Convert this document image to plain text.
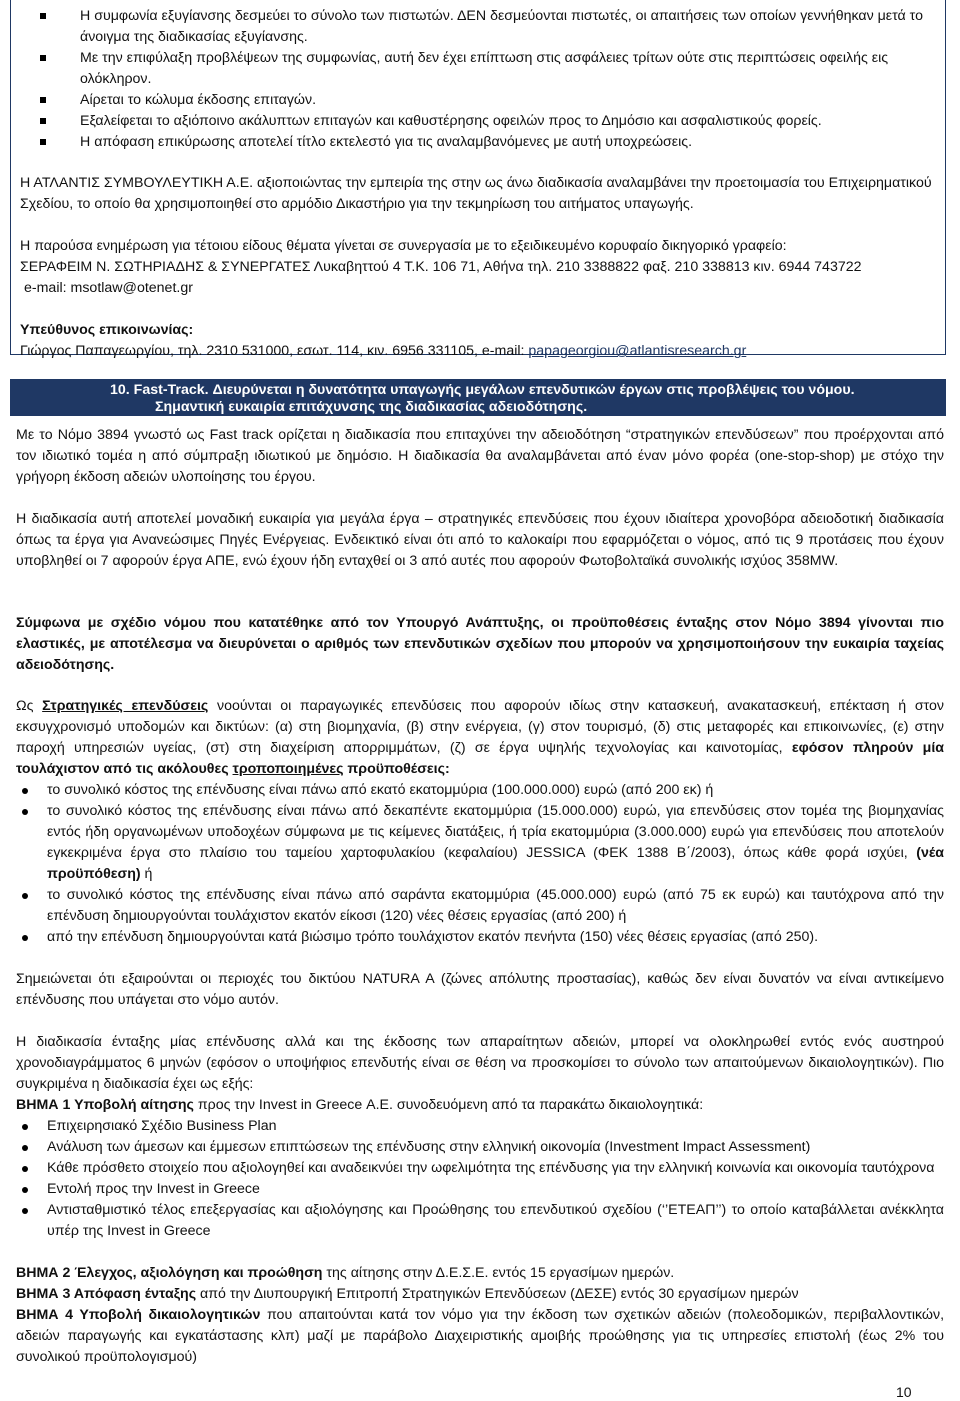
Η συμφωνία εξυγίανσης δεσμεύει το σύνολο των πιστωτών. ΔΕΝ δεσμεύονται πιστωτές, οι απαιτήσεις των οποίων γεννήθηκαν μετά το άνοιγμα της διαδικασίας εξυγίανσης.
Με την επιφύλαξη προβλέψεων της συμφωνίας, αυτή δεν έχει επίπτωση στις ασφάλειες τρίτων ούτε στις περιπτώσεις οφειλής εις ολόκληρον.
Αίρεται το κώλυμα έκδοσης επιταγών.
Εξαλείφεται το αξιόποινο ακάλυπτων επιταγών και καθυστέρησης οφειλών προς το Δημόσιο και ασφαλιστικούς φορείς.
Η απόφαση επικύρωσης αποτελεί τίτλο εκτελεστό για τις αναλαμβανόμενες με αυτή υποχρεώσεις.

Η ΑΤΛΑΝΤΙΣ ΣΥΜΒΟΥΛΕΥΤΙΚΗ Α.Ε. αξιοποιώντας την εμπειρία της στην ως άνω διαδικασία αναλαμβάνει την προετοιμασία του Επιχειρηματικού Σχεδίου, το οποίο θα χρησιμοποιηθεί στο αρμόδιο Δικαστήριο για την τεκμηρίωση του αιτήματος υπαγωγής.

Η παρούσα ενημέρωση για τέτοιου είδους θέματα γίνεται σε συνεργασία με το εξειδικευμένο κορυφαίο δικηγορικό γραφείο:
ΣΕΡΑΦΕΙΜ Ν. ΣΩΤΗΡΙΑΔΗΣ & ΣΥΝΕΡΓΑΤΕΣ Λυκαβηττού 4 Τ.Κ. 106 71, Αθήνα τηλ. 210 3388822 φαξ. 210 338813 κιν. 6944 743722
e-mail: msotlaw@otenet.gr
Υπεύθυνος επικοινωνίας:
Γιώργος Παπαγεωργίου, τηλ. 2310 531000, εσωτ. 114, κιν. 6956 331105, e-mail: papageorgiou@atlantisresearch.gr
10. Fast-Track. Διευρύνεται η δυνατότητα υπαγωγής μεγάλων επενδυτικών έργων στις προβλέψεις του νόμου.
Σημαντική ευκαιρία επιτάχυνσης της διαδικασίας αδειοδότησης.

Με το Νόμο 3894 γνωστό ως Fast track ορίζεται η διαδικασία που επιταχύνει την αδειοδότηση “στρατηγικών επενδύσεων” που προέρχονται από τον ιδιωτικό τομέα η από σύμπραξη ιδιωτικού με δημόσιο. Η διαδικασία θα αναλαμβάνεται από έναν μόνο φορέα (one-stop-shop) με στόχο την γρήγορη έκδοση αδειών υλοποίησης του έργου.

Η διαδικασία αυτή αποτελεί μοναδική ευκαιρία για μεγάλα έργα – στρατηγικές επενδύσεις που έχουν ιδιαίτερα χρονοβόρα αδειοδοτική διαδικασία όπως τα έργα για Ανανεώσιμες Πηγές Ενέργειας. Ενδεικτικό είναι ότι από το καλοκαίρι που εφαρμόζεται ο νόμος, από τις 9 προτάσεις που έχουν υποβληθεί οι 7 αφορούν έργα ΑΠΕ, ενώ έχουν ήδη ενταχθεί οι 3 από αυτές που αφορούν Φωτοβολταϊκά συνολικής ισχύος 358MW.

Σύμφωνα με σχέδιο νόμου που κατατέθηκε από τον Υπουργό Ανάπτυξης, οι προϋποθέσεις ένταξης στον Νόμο 3894 γίνονται πιο ελαστικές, με αποτέλεσμα να διευρύνεται ο αριθμός των επενδυτικών σχεδίων που μπορούν να χρησιμοποιήσουν την ευκαιρία ταχείας αδειοδότησης.

Ως Στρατηγικές επενδύσεις νοούνται οι παραγωγικές επενδύσεις που αφορούν ιδίως στην κατασκευή, ανακατασκευή, επέκταση ή στον εκσυγχρονισμό υποδομών και δικτύων: (α) στη βιομηχανία, (β) στην ενέργεια, (γ) στον τουρισμό, (δ) στις μεταφορές και επικοινωνίες, (ε) στην παροχή υπηρεσιών υγείας, (στ) στη διαχείριση απορριμμάτων, (ζ) σε έργα υψηλής τεχνολογίας και καινοτομίας, εφόσον πληρούν μία τουλάχιστον από τις ακόλουθες τροποποιημένες προϋποθέσεις:

το συνολικό κόστος της επένδυσης είναι πάνω από εκατό εκατομμύρια (100.000.000) ευρώ (από 200 εκ) ή
το συνολικό κόστος της επένδυσης είναι πάνω από δεκαπέντε εκατομμύρια (15.000.000) ευρώ, για επενδύσεις στον τομέα της βιομηχανίας εντός ήδη οργανωμένων υποδοχέων σύμφωνα με τις κείμενες διατάξεις, ή τρία εκατομμύρια (3.000.000) ευρώ για επενδύσεις που αποτελούν εγκεκριμένα έργα στο πλαίσιο του ταμείου χαρτοφυλακίου (κεφαλαίου) JESSICA (ΦΕΚ 1388 Β΄/2003), όπως κάθε φορά ισχύει, (νέα προϋπόθεση) ή
το συνολικό κόστος της επένδυσης είναι πάνω από σαράντα εκατομμύρια (45.000.000) ευρώ (από 75 εκ ευρώ) και ταυτόχρονα από την επένδυση δημιουργούνται τουλάχιστον εκατόν είκοσι (120) νέες θέσεις εργασίας (από 200) ή
από την επένδυση δημιουργούνται κατά βιώσιμο τρόπο τουλάχιστον εκατόν πενήντα (150) νέες θέσεις εργασίας (από 250).

Σημειώνεται ότι εξαιρούνται οι περιοχές του δικτύου NATURA A (ζώνες απόλυτης προστασίας), καθώς δεν είναι δυνατόν να είναι αντικείμενο επένδυσης που υπάγεται στο νόμο αυτόν.

Η διαδικασία ένταξης μίας επένδυσης αλλά και της έκδοσης των απαραίτητων αδειών, μπορεί να ολοκληρωθεί εντός ενός αυστηρού χρονοδιαγράμματος 6 μηνών (εφόσον ο υποψήφιος επενδυτής είναι σε θέση να προσκομίσει το σύνολο των απαιτούμενων δικαιολογητικών). Πιο συγκριμένα η διαδικασία έχει ως εξής:

ΒΗΜΑ 1 Υποβολή αίτησης προς την Invest in Greece Α.Ε. συνοδευόμενη από τα παρακάτω δικαιολογητικά:

Επιχειρησιακό Σχέδιο Business Plan
Ανάλυση των άμεσων και έμμεσων επιπτώσεων της επένδυσης στην ελληνική οικονομία (Investment Impact Assessment)
Κάθε πρόσθετο στοιχείο που αξιολογηθεί και αναδεικνύει την ωφελιμότητα της επένδυσης για την ελληνική κοινωνία και οικονομία ταυτόχρονα
Εντολή προς την Invest in Greece
Αντισταθμιστικό τέλος επεξεργασίας και αξιολόγησης και Προώθησης του επενδυτικού σχεδίου (‘’ΕΤΕΑΠ’’) το οποίο καταβάλλεται ανέκκλητα υπέρ της Invest in Greece

ΒΗΜΑ 2 Έλεγχος, αξιολόγηση και προώθηση της αίτησης στην Δ.Ε.Σ.Ε. εντός 15 εργασίμων ημερών.

ΒΗΜΑ 3 Απόφαση ένταξης από την Διυπουργική Επιτροπή Στρατηγικών Επενδύσεων (ΔΕΣΕ) εντός 30 εργασίμων ημερών

ΒΗΜΑ 4 Υποβολή δικαιολογητικών που απαιτούνται κατά τον νόμο για την έκδοση των σχετικών αδειών (πολεοδομικών, περιβαλλοντικών, αδειών παραγωγής και εγκατάστασης κλπ) μαζί με παράβολο Διαχειριστικής αμοιβής προώθησης για τις υπηρεσίες επιστολή (έως 2% του συνολικού προϋπολογισμού)

10
